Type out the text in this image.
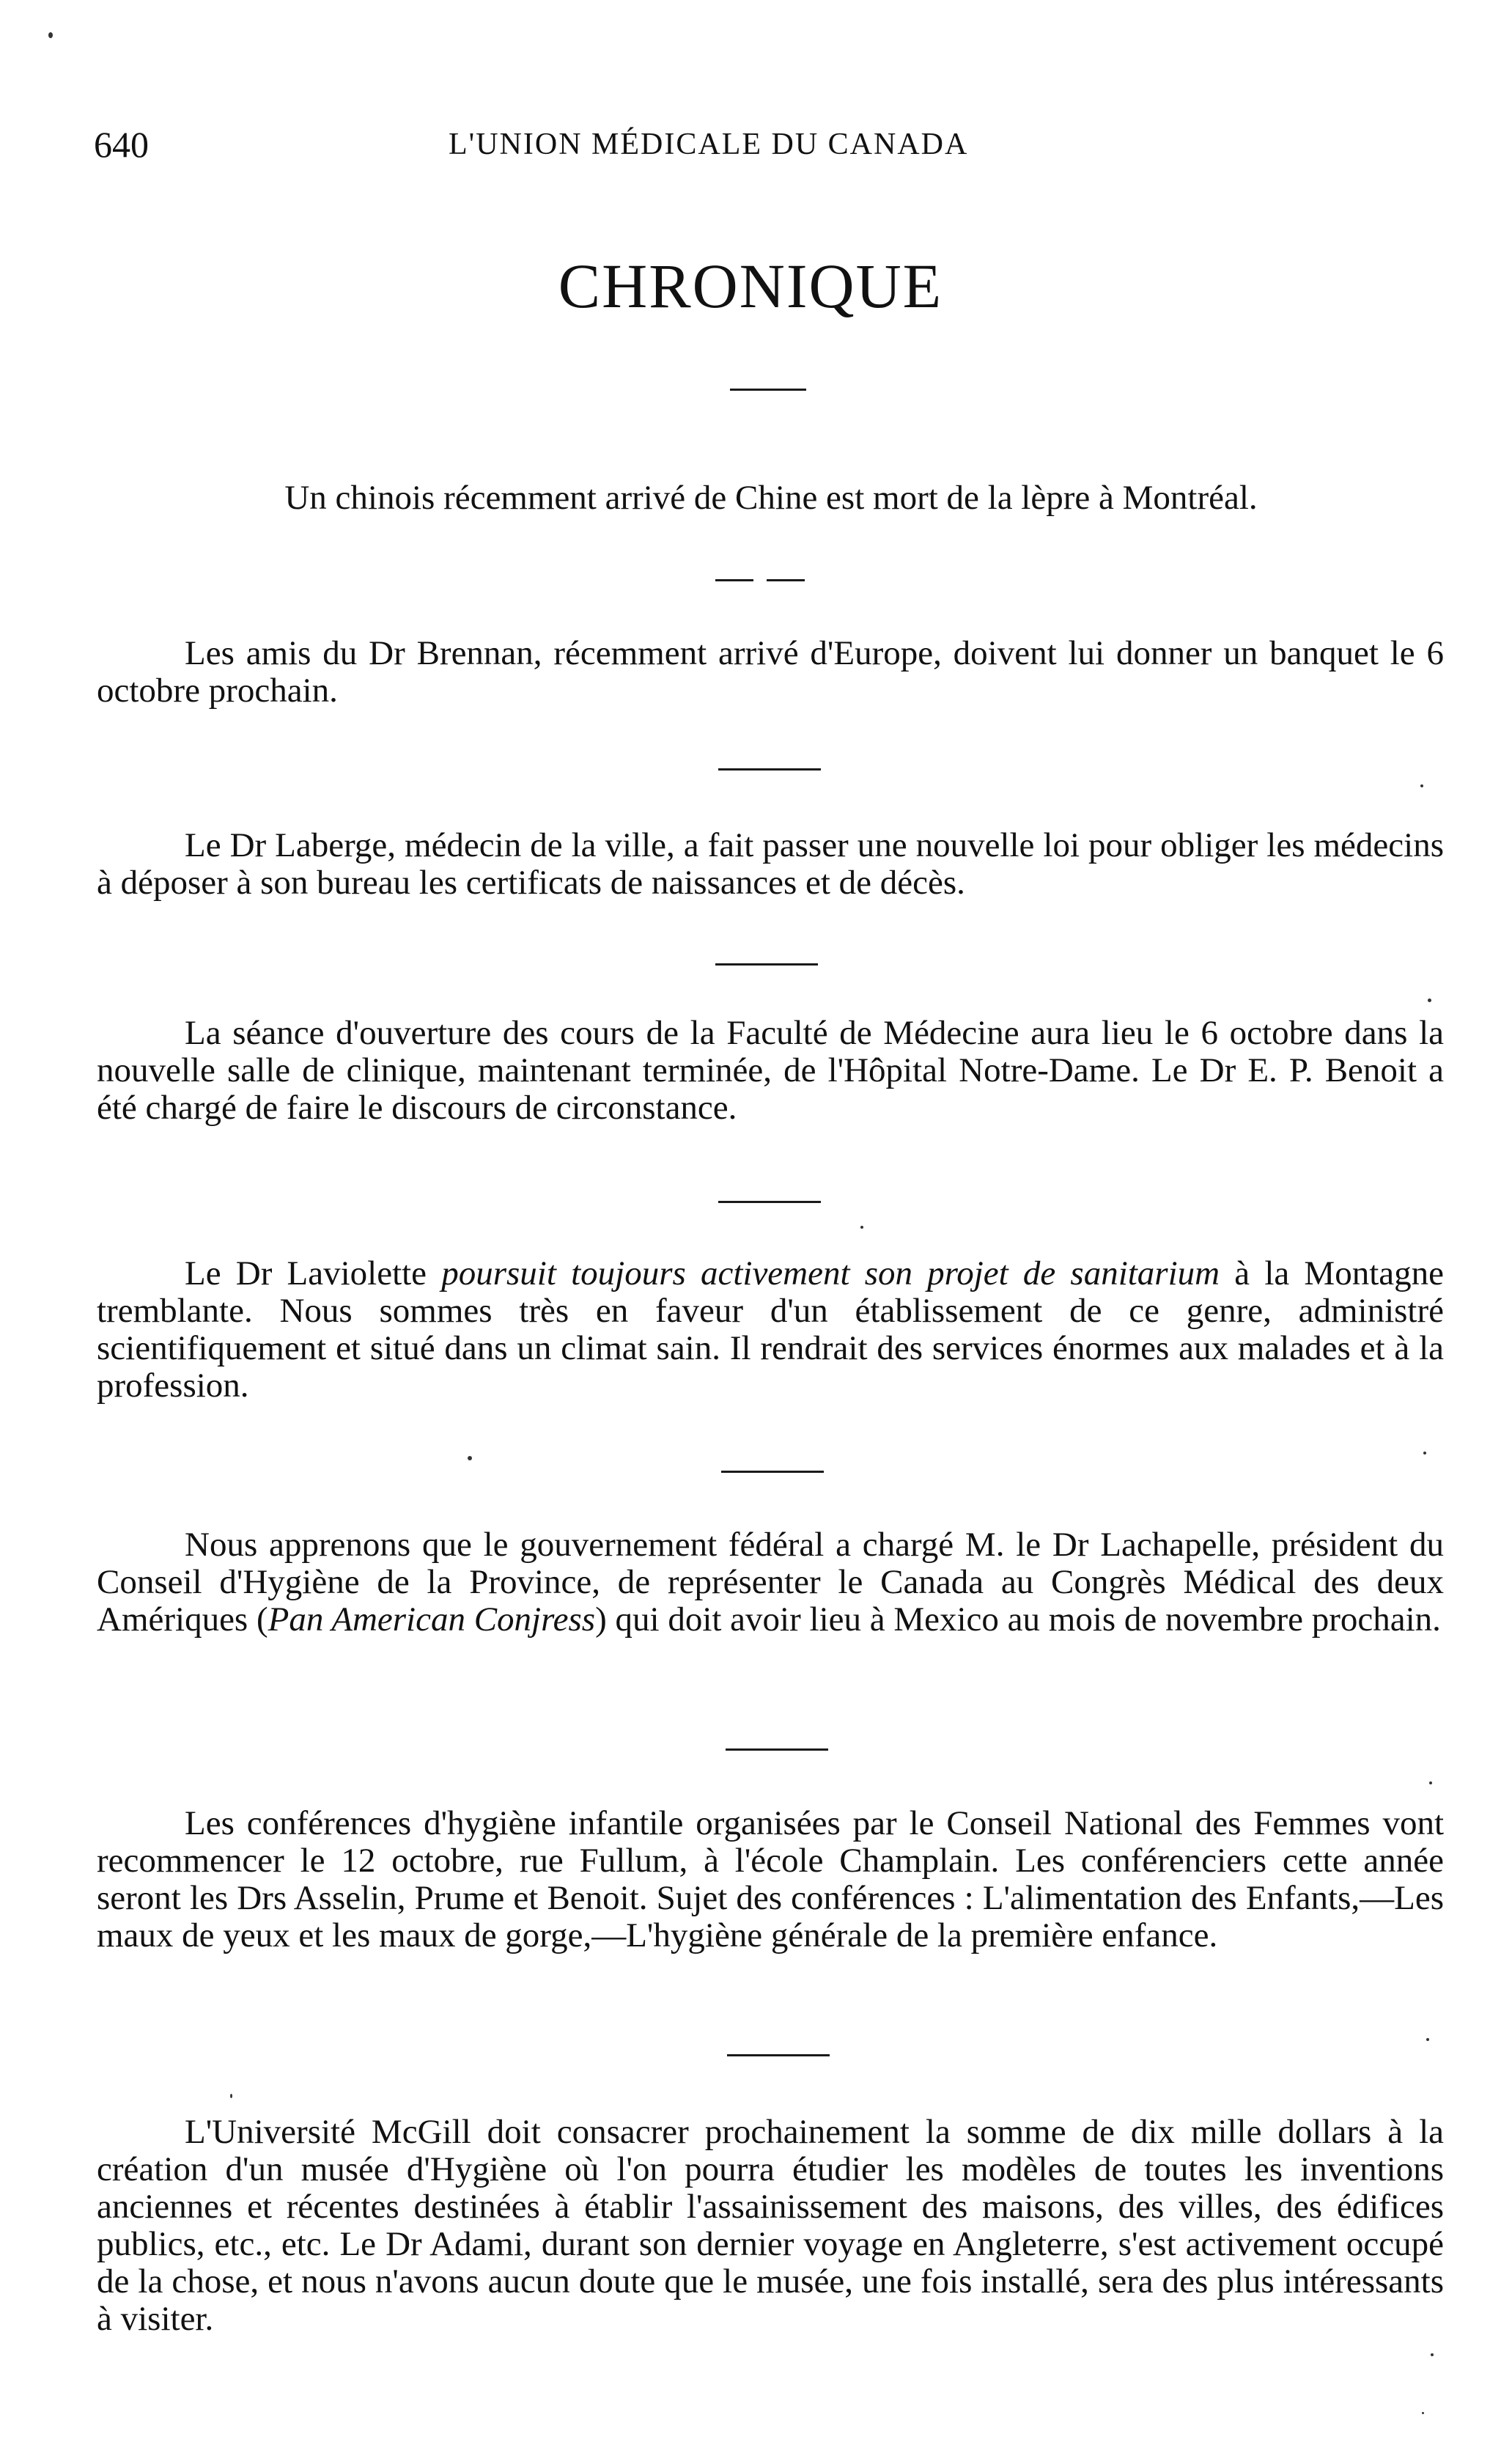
640	L'UNION MÉDICALE DU CANADA
CHRONIQUE
Un chinois récemment arrivé de Chine est mort de la lèpre à Montréal.
Les amis du Dr Brennan, récemment arrivé d'Europe, doivent lui donner un banquet le 6 octobre prochain.
Le Dr Laberge, médecin de la ville, a fait passer une nouvelle loi pour obliger les médecins à déposer à son bureau les certificats de naissances et de décès.
La séance d'ouverture des cours de la Faculté de Médecine aura lieu le 6 octobre dans la nouvelle salle de clinique, maintenant terminée, de l'Hôpital Notre-Dame. Le Dr E. P. Benoit a été chargé de faire le discours de circonstance.
Le Dr Laviolette poursuit toujours activement son projet de sanitarium à la Montagne tremblante. Nous sommes très en faveur d'un établissement de ce genre, administré scientifiquement et situé dans un climat sain. Il rendrait des services énormes aux malades et à la profession.
Nous apprenons que le gouvernement fédéral a chargé M. le Dr Lachapelle, président du Conseil d'Hygiène de la Province, de représenter le Canada au Congrès Médical des deux Amériques (Pan American Conjress) qui doit avoir lieu à Mexico au mois de novembre prochain.
Les conférences d'hygiène infantile organisées par le Conseil National des Femmes vont recommencer le 12 octobre, rue Fullum, à l'école Champlain. Les conférenciers cette année seront les Drs Asselin, Prume et Benoit. Sujet des conférences : L'alimentation des Enfants,—Les maux de yeux et les maux de gorge,—L'hygiène générale de la première enfance.
L'Université McGill doit consacrer prochainement la somme de dix mille dollars à la création d'un musée d'Hygiène où l'on pourra étudier les modèles de toutes les inventions anciennes et récentes destinées à établir l'assainissement des maisons, des villes, des édifices publics, etc., etc. Le Dr Adami, durant son dernier voyage en Angleterre, s'est activement occupé de la chose, et nous n'avons aucun doute que le musée, une fois installé, sera des plus intéressants à visiter.
